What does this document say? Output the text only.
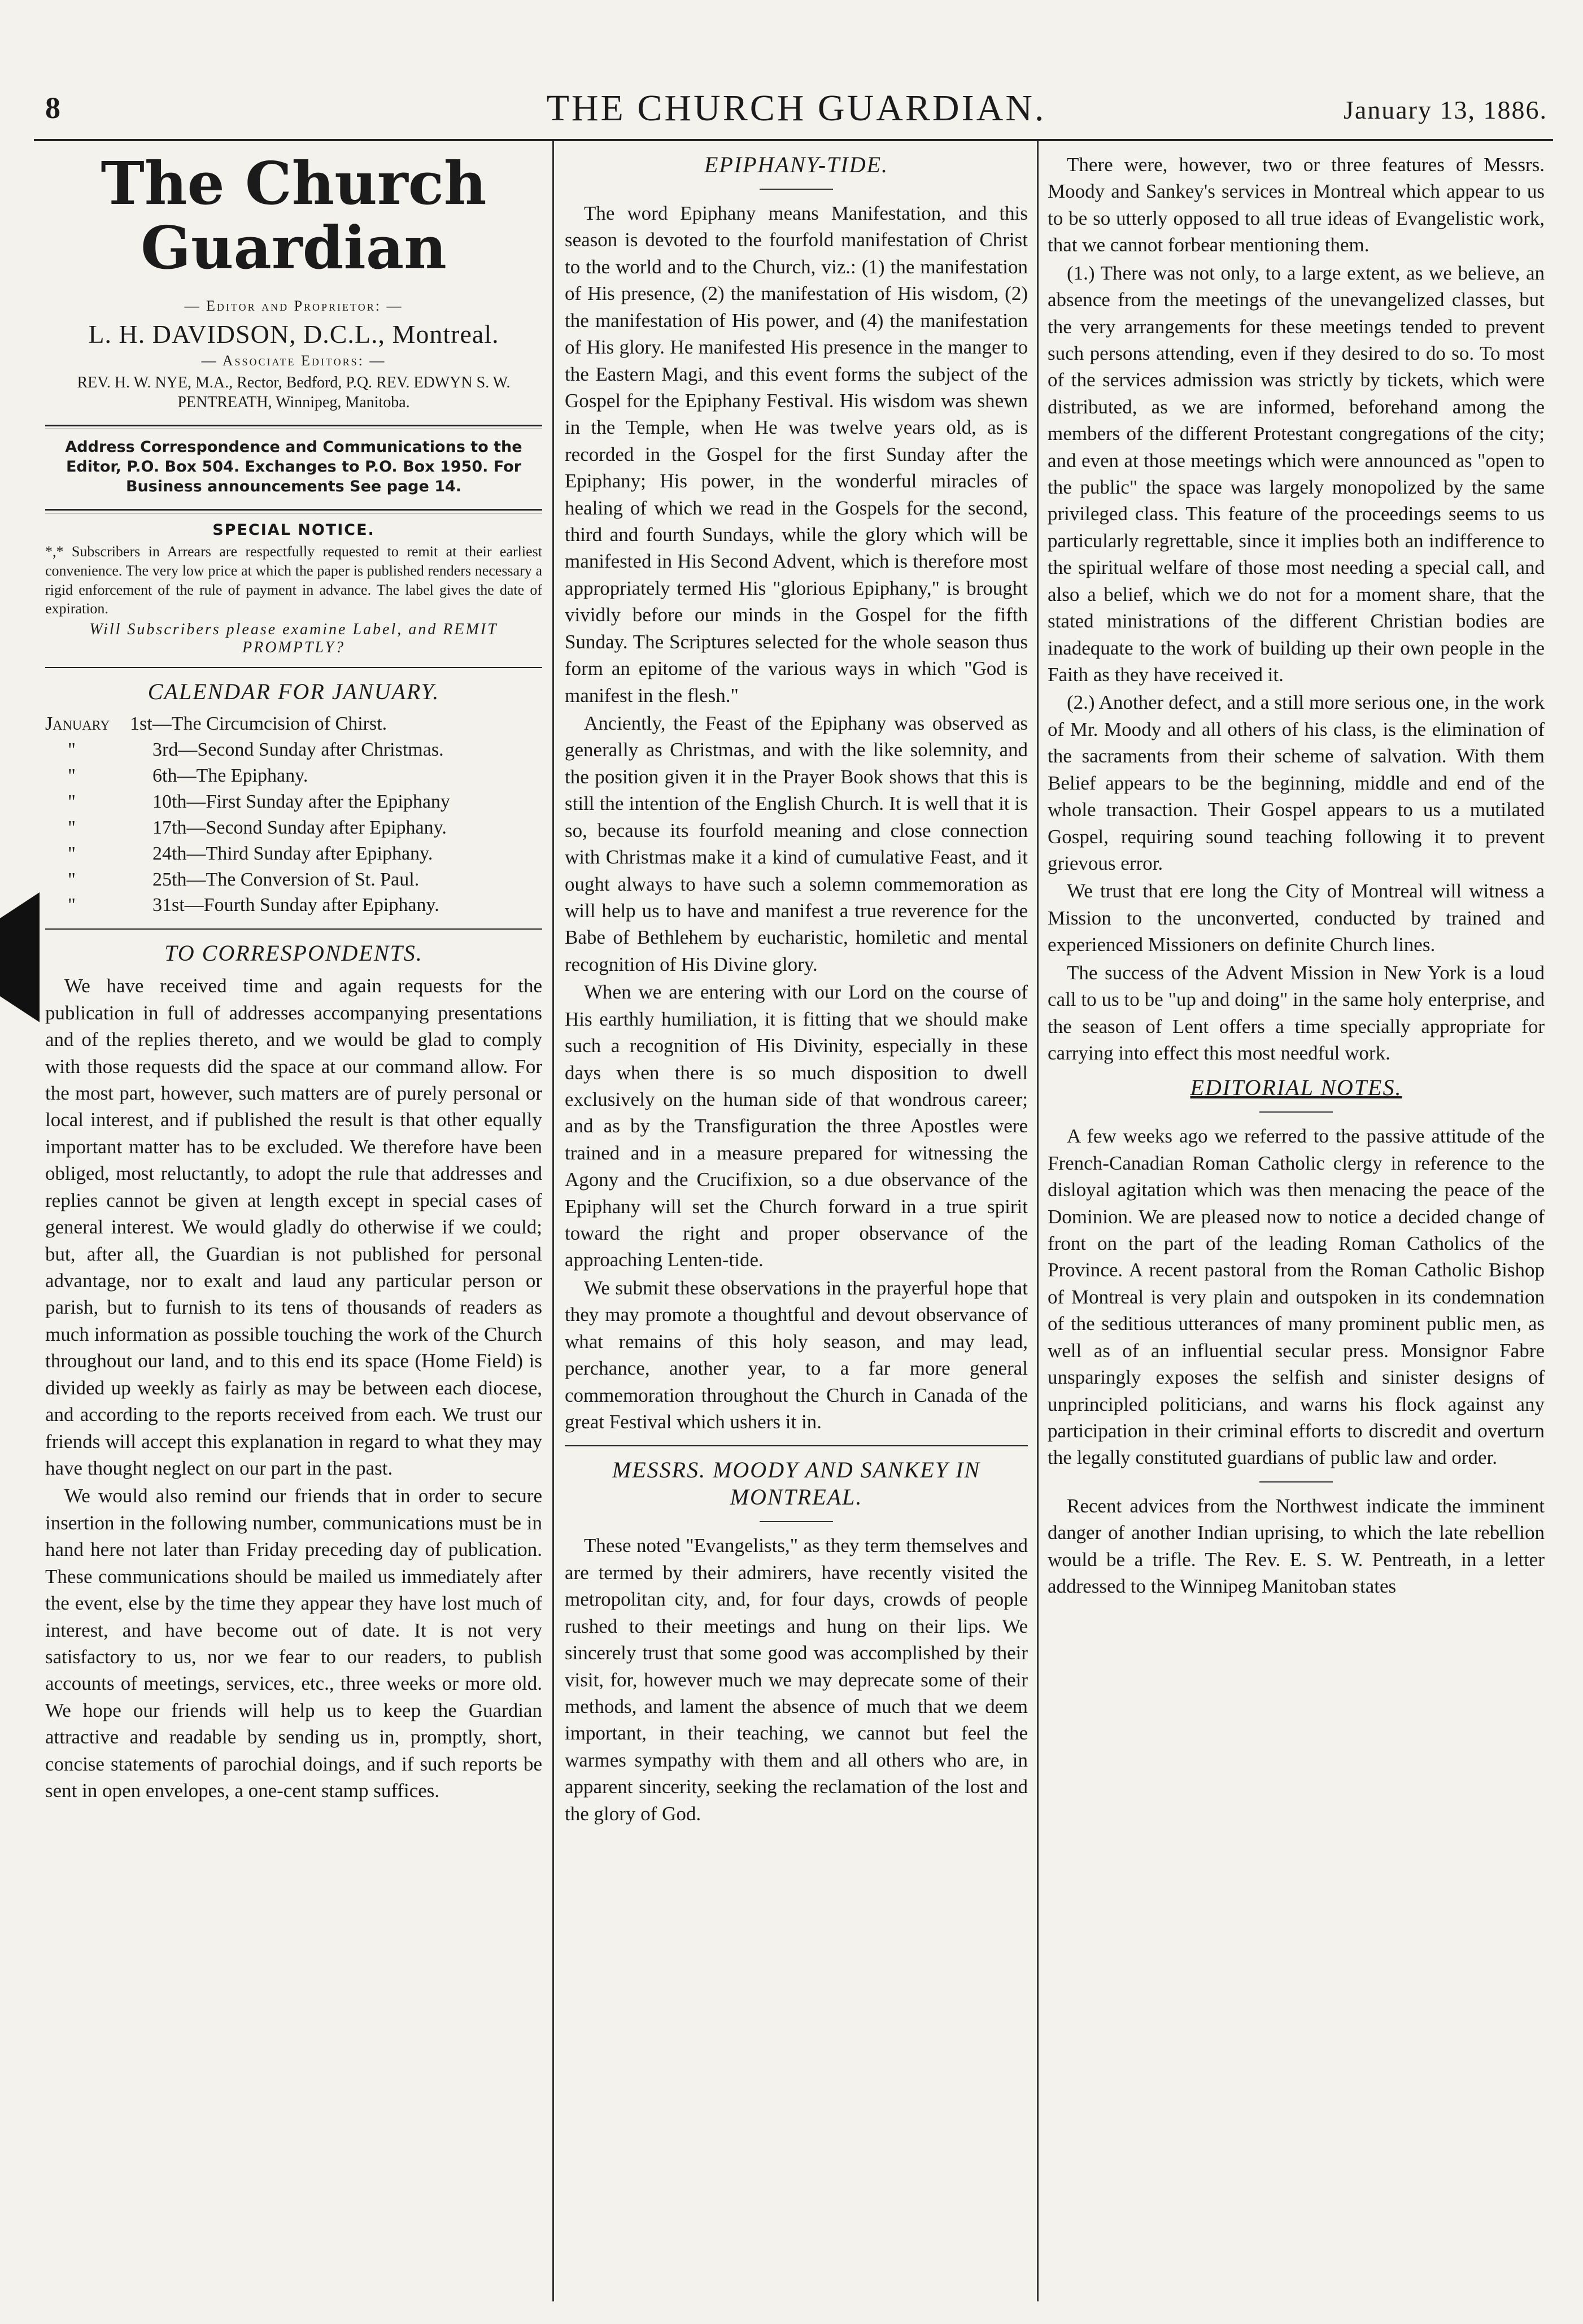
8	THE CHURCH GUARDIAN.	January 13, 1886.
The Church Guardian
— Editor and Proprietor: —
L. H. DAVIDSON, D.C.L., Montreal.
— Associate Editors: —
REV. H. W. NYE, M.A., Rector, Bedford, P.Q. REV. EDWYN S. W. PENTREATH, Winnipeg, Manitoba.
Address Correspondence and Communications to the Editor, P.O. Box 504. Exchanges to P.O. Box 1950. For Business announcements See page 14.
SPECIAL NOTICE.
*,* Subscribers in Arrears are respectfully requested to remit at their earliest convenience. The very low price at which the paper is published renders necessary a rigid enforcement of the rule of payment in advance. The label gives the date of expiration.
Will Subscribers please examine Label, and REMIT PROMPTLY?
CALENDAR FOR JANUARY.
January	1st—The Circumcision of Chirst.
"	3rd—Second Sunday after Christmas.
"	6th—The Epiphany.
"	10th—First Sunday after the Epiphany
"	17th—Second Sunday after Epiphany.
"	24th—Third Sunday after Epiphany.
"	25th—The Conversion of St. Paul.
"	31st—Fourth Sunday after Epiphany.
TO CORRESPONDENTS.

We have received time and again requests for the publication in full of addresses accompanying presentations and of the replies thereto, and we would be glad to comply with those requests did the space at our command allow. For the most part, however, such matters are of purely personal or local interest, and if published the result is that other equally important matter has to be excluded. We therefore have been obliged, most reluctantly, to adopt the rule that addresses and replies cannot be given at length except in special cases of general interest. We would gladly do otherwise if we could; but, after all, the Guardian is not published for personal advantage, nor to exalt and laud any particular person or parish, but to furnish to its tens of thousands of readers as much information as possible touching the work of the Church throughout our land, and to this end its space (Home Field) is divided up weekly as fairly as may be between each diocese, and according to the reports received from each. We trust our friends will accept this explanation in regard to what they may have thought neglect on our part in the past.

We would also remind our friends that in order to secure insertion in the following number, communications must be in hand here not later than Friday preceding day of publication. These communications should be mailed us immediately after the event, else by the time they appear they have lost much of interest, and have become out of date. It is not very satisfactory to us, nor we fear to our readers, to publish accounts of meetings, services, etc., three weeks or more old. We hope our friends will help us to keep the Guardian attractive and readable by sending us in, promptly, short, concise statements of parochial doings, and if such reports be sent in open envelopes, a one-cent stamp suffices.

EPIPHANY-TIDE.

The word Epiphany means Manifestation, and this season is devoted to the fourfold manifestation of Christ to the world and to the Church, viz.: (1) the manifestation of His presence, (2) the manifestation of His wisdom, (2) the manifestation of His power, and (4) the manifestation of His glory. He manifested His presence in the manger to the Eastern Magi, and this event forms the subject of the Gospel for the Epiphany Festival. His wisdom was shewn in the Temple, when He was twelve years old, as is recorded in the Gospel for the first Sunday after the Epiphany; His power, in the wonderful miracles of healing of which we read in the Gospels for the second, third and fourth Sundays, while the glory which will be manifested in His Second Advent, which is therefore most appropriately termed His "glorious Epiphany," is brought vividly before our minds in the Gospel for the fifth Sunday. The Scriptures selected for the whole season thus form an epitome of the various ways in which "God is manifest in the flesh."

Anciently, the Feast of the Epiphany was observed as generally as Christmas, and with the like solemnity, and the position given it in the Prayer Book shows that this is still the intention of the English Church. It is well that it is so, because its fourfold meaning and close connection with Christmas make it a kind of cumulative Feast, and it ought always to have such a solemn commemoration as will help us to have and manifest a true reverence for the Babe of Bethlehem by eucharistic, homiletic and mental recognition of His Divine glory.

When we are entering with our Lord on the course of His earthly humiliation, it is fitting that we should make such a recognition of His Divinity, especially in these days when there is so much disposition to dwell exclusively on the human side of that wondrous career; and as by the Transfiguration the three Apostles were trained and in a measure prepared for witnessing the Agony and the Crucifixion, so a due observance of the Epiphany will set the Church forward in a true spirit toward the right and proper observance of the approaching Lenten-tide.

We submit these observations in the prayerful hope that they may promote a thoughtful and devout observance of what remains of this holy season, and may lead, perchance, another year, to a far more general commemoration throughout the Church in Canada of the great Festival which ushers it in.

MESSRS. MOODY AND SANKEY IN MONTREAL.

These noted "Evangelists," as they term themselves and are termed by their admirers, have recently visited the metropolitan city, and, for four days, crowds of people rushed to their meetings and hung on their lips. We sincerely trust that some good was accomplished by their visit, for, however much we may deprecate some of their methods, and lament the absence of much that we deem important, in their teaching, we cannot but feel the warmes sympathy with them and all others who are, in apparent sincerity, seeking the reclamation of the lost and the glory of God.

There were, however, two or three features of Messrs. Moody and Sankey's services in Montreal which appear to us to be so utterly opposed to all true ideas of Evangelistic work, that we cannot forbear mentioning them.

(1.) There was not only, to a large extent, as we believe, an absence from the meetings of the unevangelized classes, but the very arrangements for these meetings tended to prevent such persons attending, even if they desired to do so. To most of the services admission was strictly by tickets, which were distributed, as we are informed, beforehand among the members of the different Protestant congregations of the city; and even at those meetings which were announced as "open to the public" the space was largely monopolized by the same privileged class. This feature of the proceedings seems to us particularly regrettable, since it implies both an indifference to the spiritual welfare of those most needing a special call, and also a belief, which we do not for a moment share, that the stated ministrations of the different Christian bodies are inadequate to the work of building up their own people in the Faith as they have received it.

(2.) Another defect, and a still more serious one, in the work of Mr. Moody and all others of his class, is the elimination of the sacraments from their scheme of salvation. With them Belief appears to be the beginning, middle and end of the whole transaction. Their Gospel appears to us a mutilated Gospel, requiring sound teaching following it to prevent grievous error.

We trust that ere long the City of Montreal will witness a Mission to the unconverted, conducted by trained and experienced Missioners on definite Church lines.

The success of the Advent Mission in New York is a loud call to us to be "up and doing" in the same holy enterprise, and the season of Lent offers a time specially appropriate for carrying into effect this most needful work.

EDITORIAL NOTES.

A few weeks ago we referred to the passive attitude of the French-Canadian Roman Catholic clergy in reference to the disloyal agitation which was then menacing the peace of the Dominion. We are pleased now to notice a decided change of front on the part of the leading Roman Catholics of the Province. A recent pastoral from the Roman Catholic Bishop of Montreal is very plain and outspoken in its condemnation of the seditious utterances of many prominent public men, as well as of an influential secular press. Monsignor Fabre unsparingly exposes the selfish and sinister designs of unprincipled politicians, and warns his flock against any participation in their criminal efforts to discredit and overturn the legally constituted guardians of public law and order.

Recent advices from the Northwest indicate the imminent danger of another Indian uprising, to which the late rebellion would be a trifle. The Rev. E. S. W. Pentreath, in a letter addressed to the Winnipeg Manitoban states
